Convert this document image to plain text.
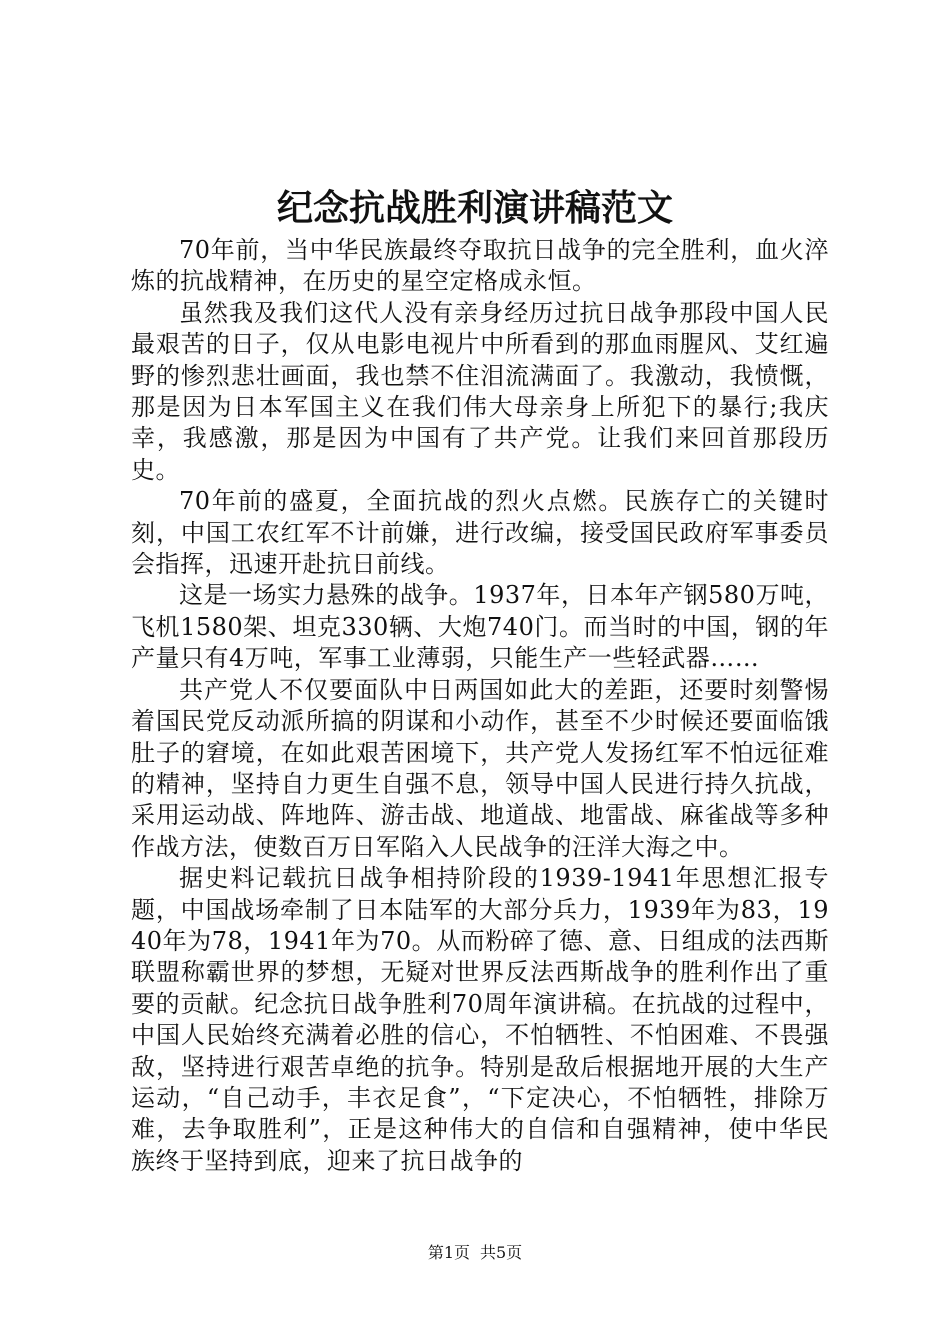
纪念抗战胜利演讲稿范文

70年前，当中华民族最终夺取抗日战争的完全胜利，血火淬炼的抗战精神，在历史的星空定格成永恒。

虽然我及我们这代人没有亲身经历过抗日战争那段中国人民最艰苦的日子，仅从电影电视片中所看到的那血雨腥风、艾红遍野的惨烈悲壮画面，我也禁不住泪流满面了。我激动，我愤慨，那是因为日本军国主义在我们伟大母亲身上所犯下的暴行;我庆幸，我感激，那是因为中国有了共产党。让我们来回首那段历史。

70年前的盛夏，全面抗战的烈火点燃。民族存亡的关键时刻，中国工农红军不计前嫌，进行改编，接受国民政府军事委员会指挥，迅速开赴抗日前线。

这是一场实力悬殊的战争。1937年，日本年产钢580万吨，飞机1580架、坦克330辆、大炮740门。而当时的中国，钢的年产量只有4万吨，军事工业薄弱，只能生产一些轻武器……

共产党人不仅要面队中日两国如此大的差距，还要时刻警惕着国民党反动派所搞的阴谋和小动作，甚至不少时候还要面临饿肚子的窘境，在如此艰苦困境下，共产党人发扬红军不怕远征难的精神，坚持自力更生自强不息，领导中国人民进行持久抗战，采用运动战、阵地阵、游击战、地道战、地雷战、麻雀战等多种作战方法，使数百万日军陷入人民战争的汪洋大海之中。

据史料记载抗日战争相持阶段的1939-1941年思想汇报专题，中国战场牵制了日本陆军的大部分兵力，1939年为83，1940年为78，1941年为70。从而粉碎了德、意、日组成的法西斯联盟称霸世界的梦想，无疑对世界反法西斯战争的胜利作出了重要的贡献。纪念抗日战争胜利70周年演讲稿。在抗战的过程中，中国人民始终充满着必胜的信心，不怕牺牲、不怕困难、不畏强敌，坚持进行艰苦卓绝的抗争。特别是敌后根据地开展的大生产运动，“自己动手，丰衣足食”，“下定决心，不怕牺牲，排除万难，去争取胜利”，正是这种伟大的自信和自强精神，使中华民族终于坚持到底，迎来了抗日战争的

第1页 共5页
